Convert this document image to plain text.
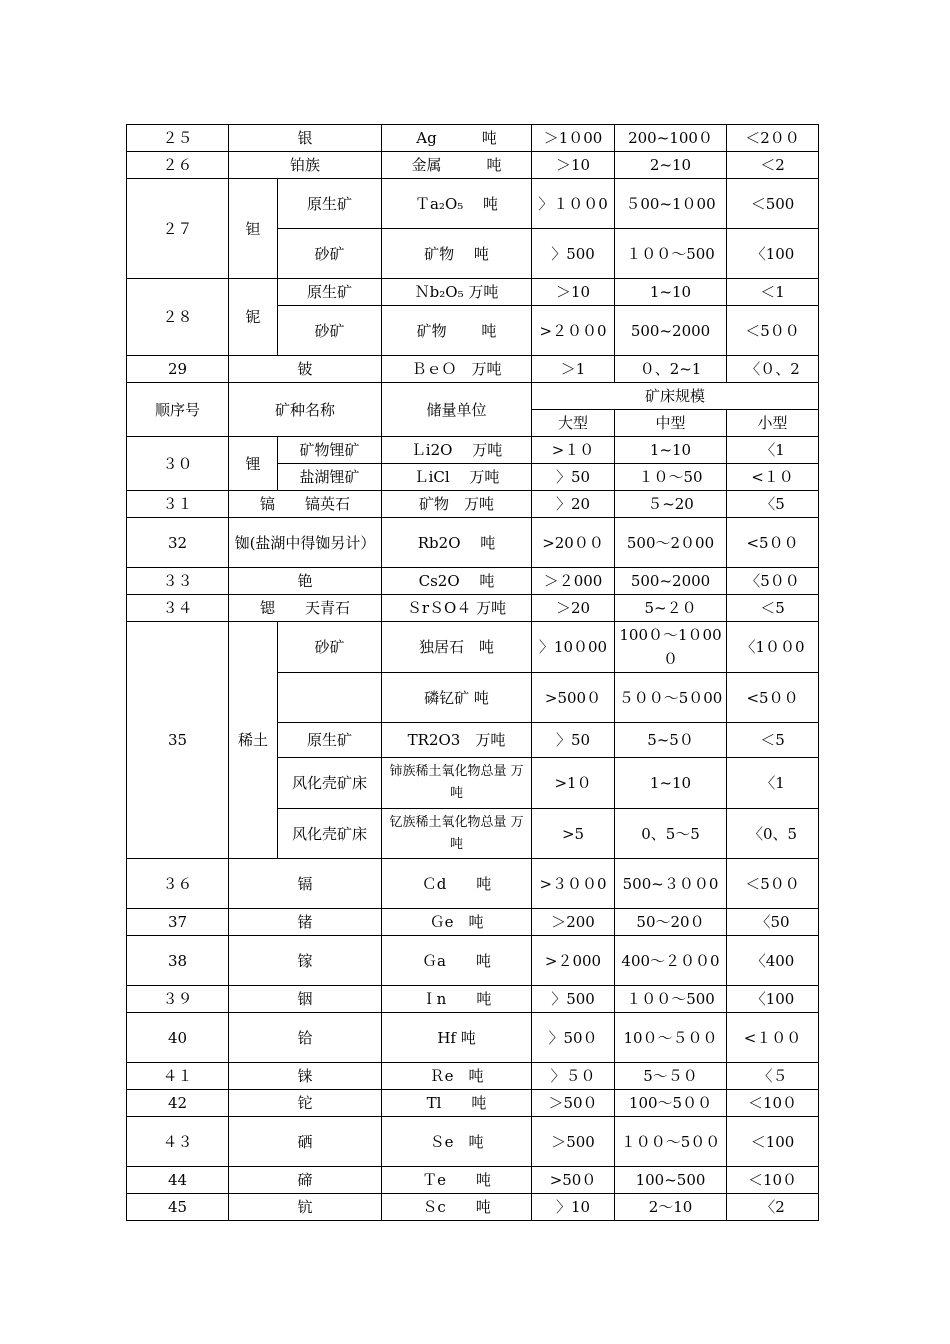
２５	银		Ag　　　吨	＞1０00	200~100０	＜2００
２６	铂族		金属　　　吨	＞10	2~10	＜2
２７	钽	原生矿	Ｔa₂O₅　 吨	〉１００0	５00~1０00	＜500
		砂矿	矿物　 吨	〉500	１００～500	〈100
２８	铌	原生矿	Ｎb₂O₅ 万吨	＞10	1~10	＜1
		砂矿	矿物　　 吨	>２００0	500~2000	＜5００
29	铍		ＢｅＯ　万吨	＞1	０、2~1	〈０、2
顺序号	矿种名称		储量单位	矿床规模		
				大型	中型	小型
３０	锂	矿物锂矿	Ｌi2O　 万吨	>１０	1~10	〈1
		盐湖锂矿	ＬiCl　 万吨	〉50	１０～50	<１０
３１	镐　　镐英石		矿物　万吨	〉20	５~20	〈5
32	铷(盐湖中得铷另计）		Rb2O　 吨	>20００	500～2０00	<5００
３３	铯		Cs2O　 吨	＞２000	500~2000	〈5００
３４	锶　　天青石		ＳrＳO４ 万吨	＞20	5~２０	＜5
35	稀土	砂矿	独居石　吨	〉10０00	100０～1０00０	〈1００0
			磷钇矿 吨	>500０	５００～5０00	<5００
		原生矿	TR2O3　万吨	〉50	5~5０	＜5
		风化壳矿床	铈族稀土氧化物总量 万吨	>1０	1~10	〈1
		风化壳矿床	钇族稀土氧化物总量 万吨	>5	0、5～5	〈0、5
３６	镉		Ｃd　　吨	>３００0	500~３００0	＜5００
37	锗		Ｇe　吨	＞200	50～20０	〈50
38	镓		Ｇa　　吨	>２000	400～２００0	〈400
３９	铟		Ｉn　　吨	〉500	１００～500	〈100
40	铪		Hf 吨	〉50０	10０～５００	<１００
４１	铼		Ｒe　吨	〉５０	5～５０	〈５
42	铊		Tl　　吨	＞50０	100～5００	＜10０
４３	硒		Ｓe　吨	＞500	１００～5００	＜100
44	碲		Ｔe　　吨	>50０	100~500	＜10０
45	钪		Ｓc　　吨	〉10	2～10	〈2
